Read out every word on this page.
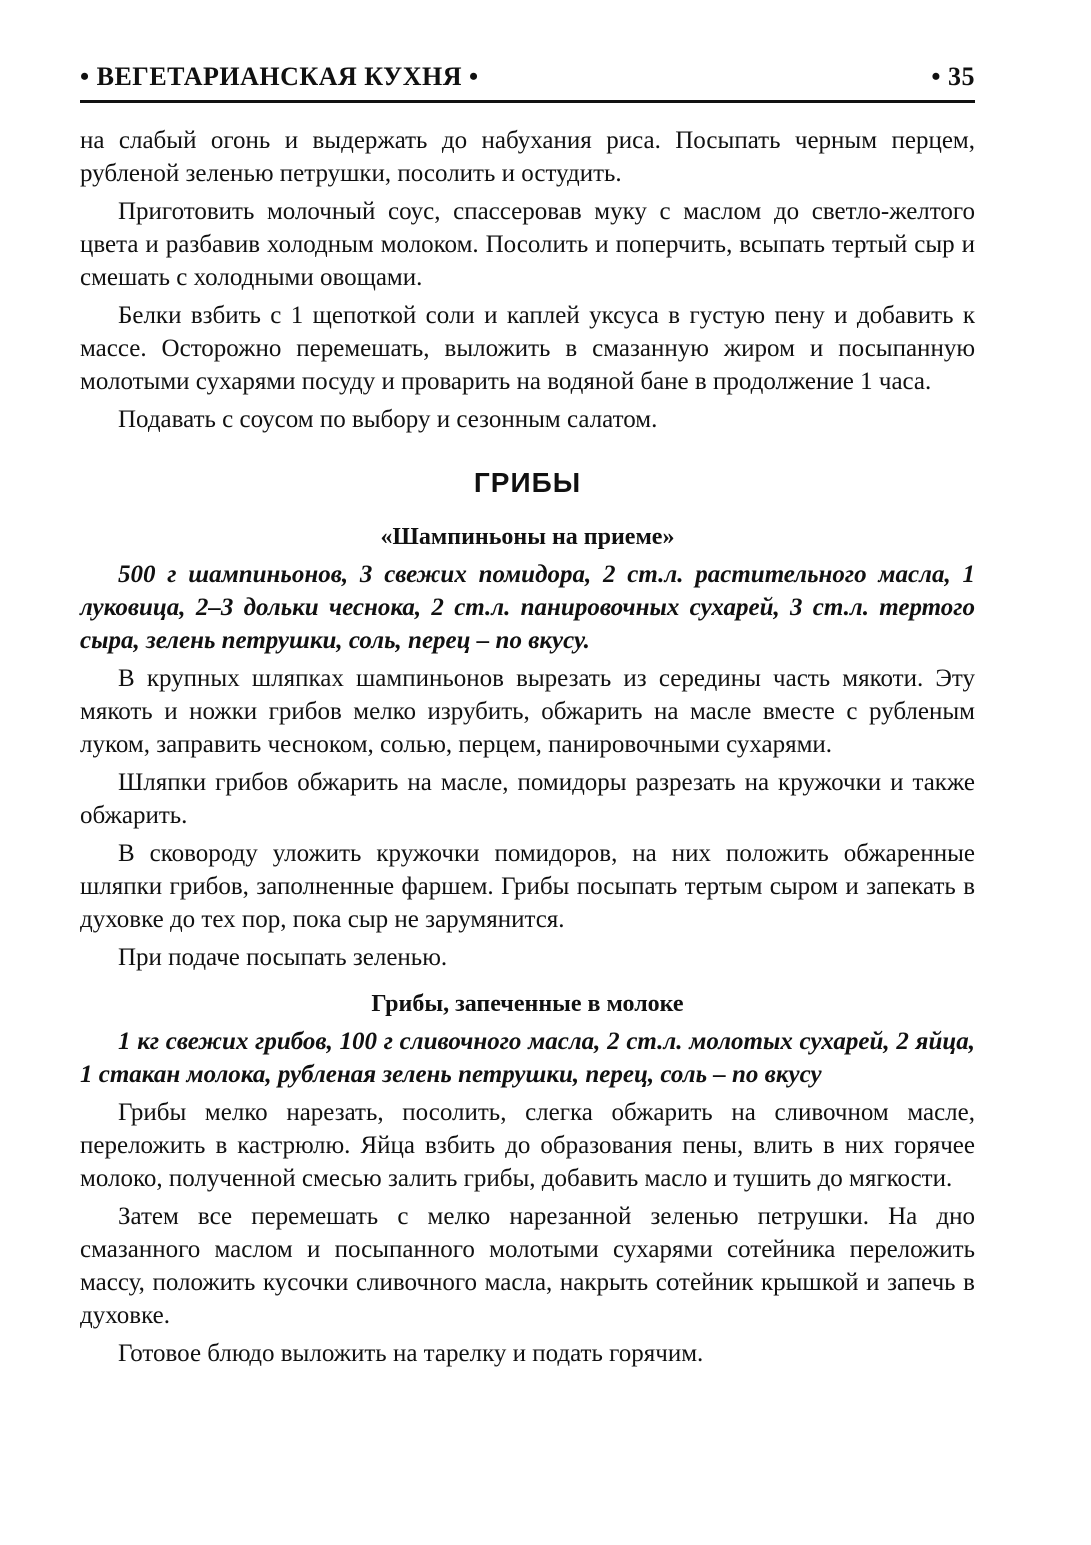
• ВЕГЕТАРИАНСКАЯ КУХНЯ •	• 35

на слабый огонь и выдержать до набухания риса. Посыпать черным перцем, рубленой зеленью петрушки, посолить и остудить.

Приготовить молочный соус, спассеровав муку с маслом до светло-желтого цвета и разбавив холодным молоком. Посолить и поперчить, всыпать тертый сыр и смешать с холодными овощами.

Белки взбить с 1 щепоткой соли и каплей уксуса в густую пену и добавить к массе. Осторожно перемешать, выложить в смазанную жиром и посыпанную молотыми сухарями посуду и проварить на водяной бане в продолжение 1 часа.

Подавать с соусом по выбору и сезонным салатом.

ГРИБЫ

«Шампиньоны на приеме»

500 г шампиньонов, 3 свежих помидора, 2 ст.л. растительного масла, 1 луковица, 2–3 дольки чеснока, 2 ст.л. панировочных сухарей, 3 ст.л. тертого сыра, зелень петрушки, соль, перец – по вкусу.

В крупных шляпках шампиньонов вырезать из середины часть мякоти. Эту мякоть и ножки грибов мелко изрубить, обжарить на масле вместе с рубленым луком, заправить чесноком, солью, перцем, панировочными сухарями.

Шляпки грибов обжарить на масле, помидоры разрезать на кружочки и также обжарить.

В сковороду уложить кружочки помидоров, на них положить обжаренные шляпки грибов, заполненные фаршем. Грибы посыпать тертым сыром и запекать в духовке до тех пор, пока сыр не зарумянится.

При подаче посыпать зеленью.

Грибы, запеченные в молоке

1 кг свежих грибов, 100 г сливочного масла, 2 ст.л. молотых сухарей, 2 яйца, 1 стакан молока, рубленая зелень петрушки, перец, соль – по вкусу

Грибы мелко нарезать, посолить, слегка обжарить на сливочном масле, переложить в кастрюлю. Яйца взбить до образования пены, влить в них горячее молоко, полученной смесью залить грибы, добавить масло и тушить до мягкости.

Затем все перемешать с мелко нарезанной зеленью петрушки. На дно смазанного маслом и посыпанного молотыми сухарями сотейника переложить массу, положить кусочки сливочного масла, накрыть сотейник крышкой и запечь в духовке.

Готовое блюдо выложить на тарелку и подать горячим.
